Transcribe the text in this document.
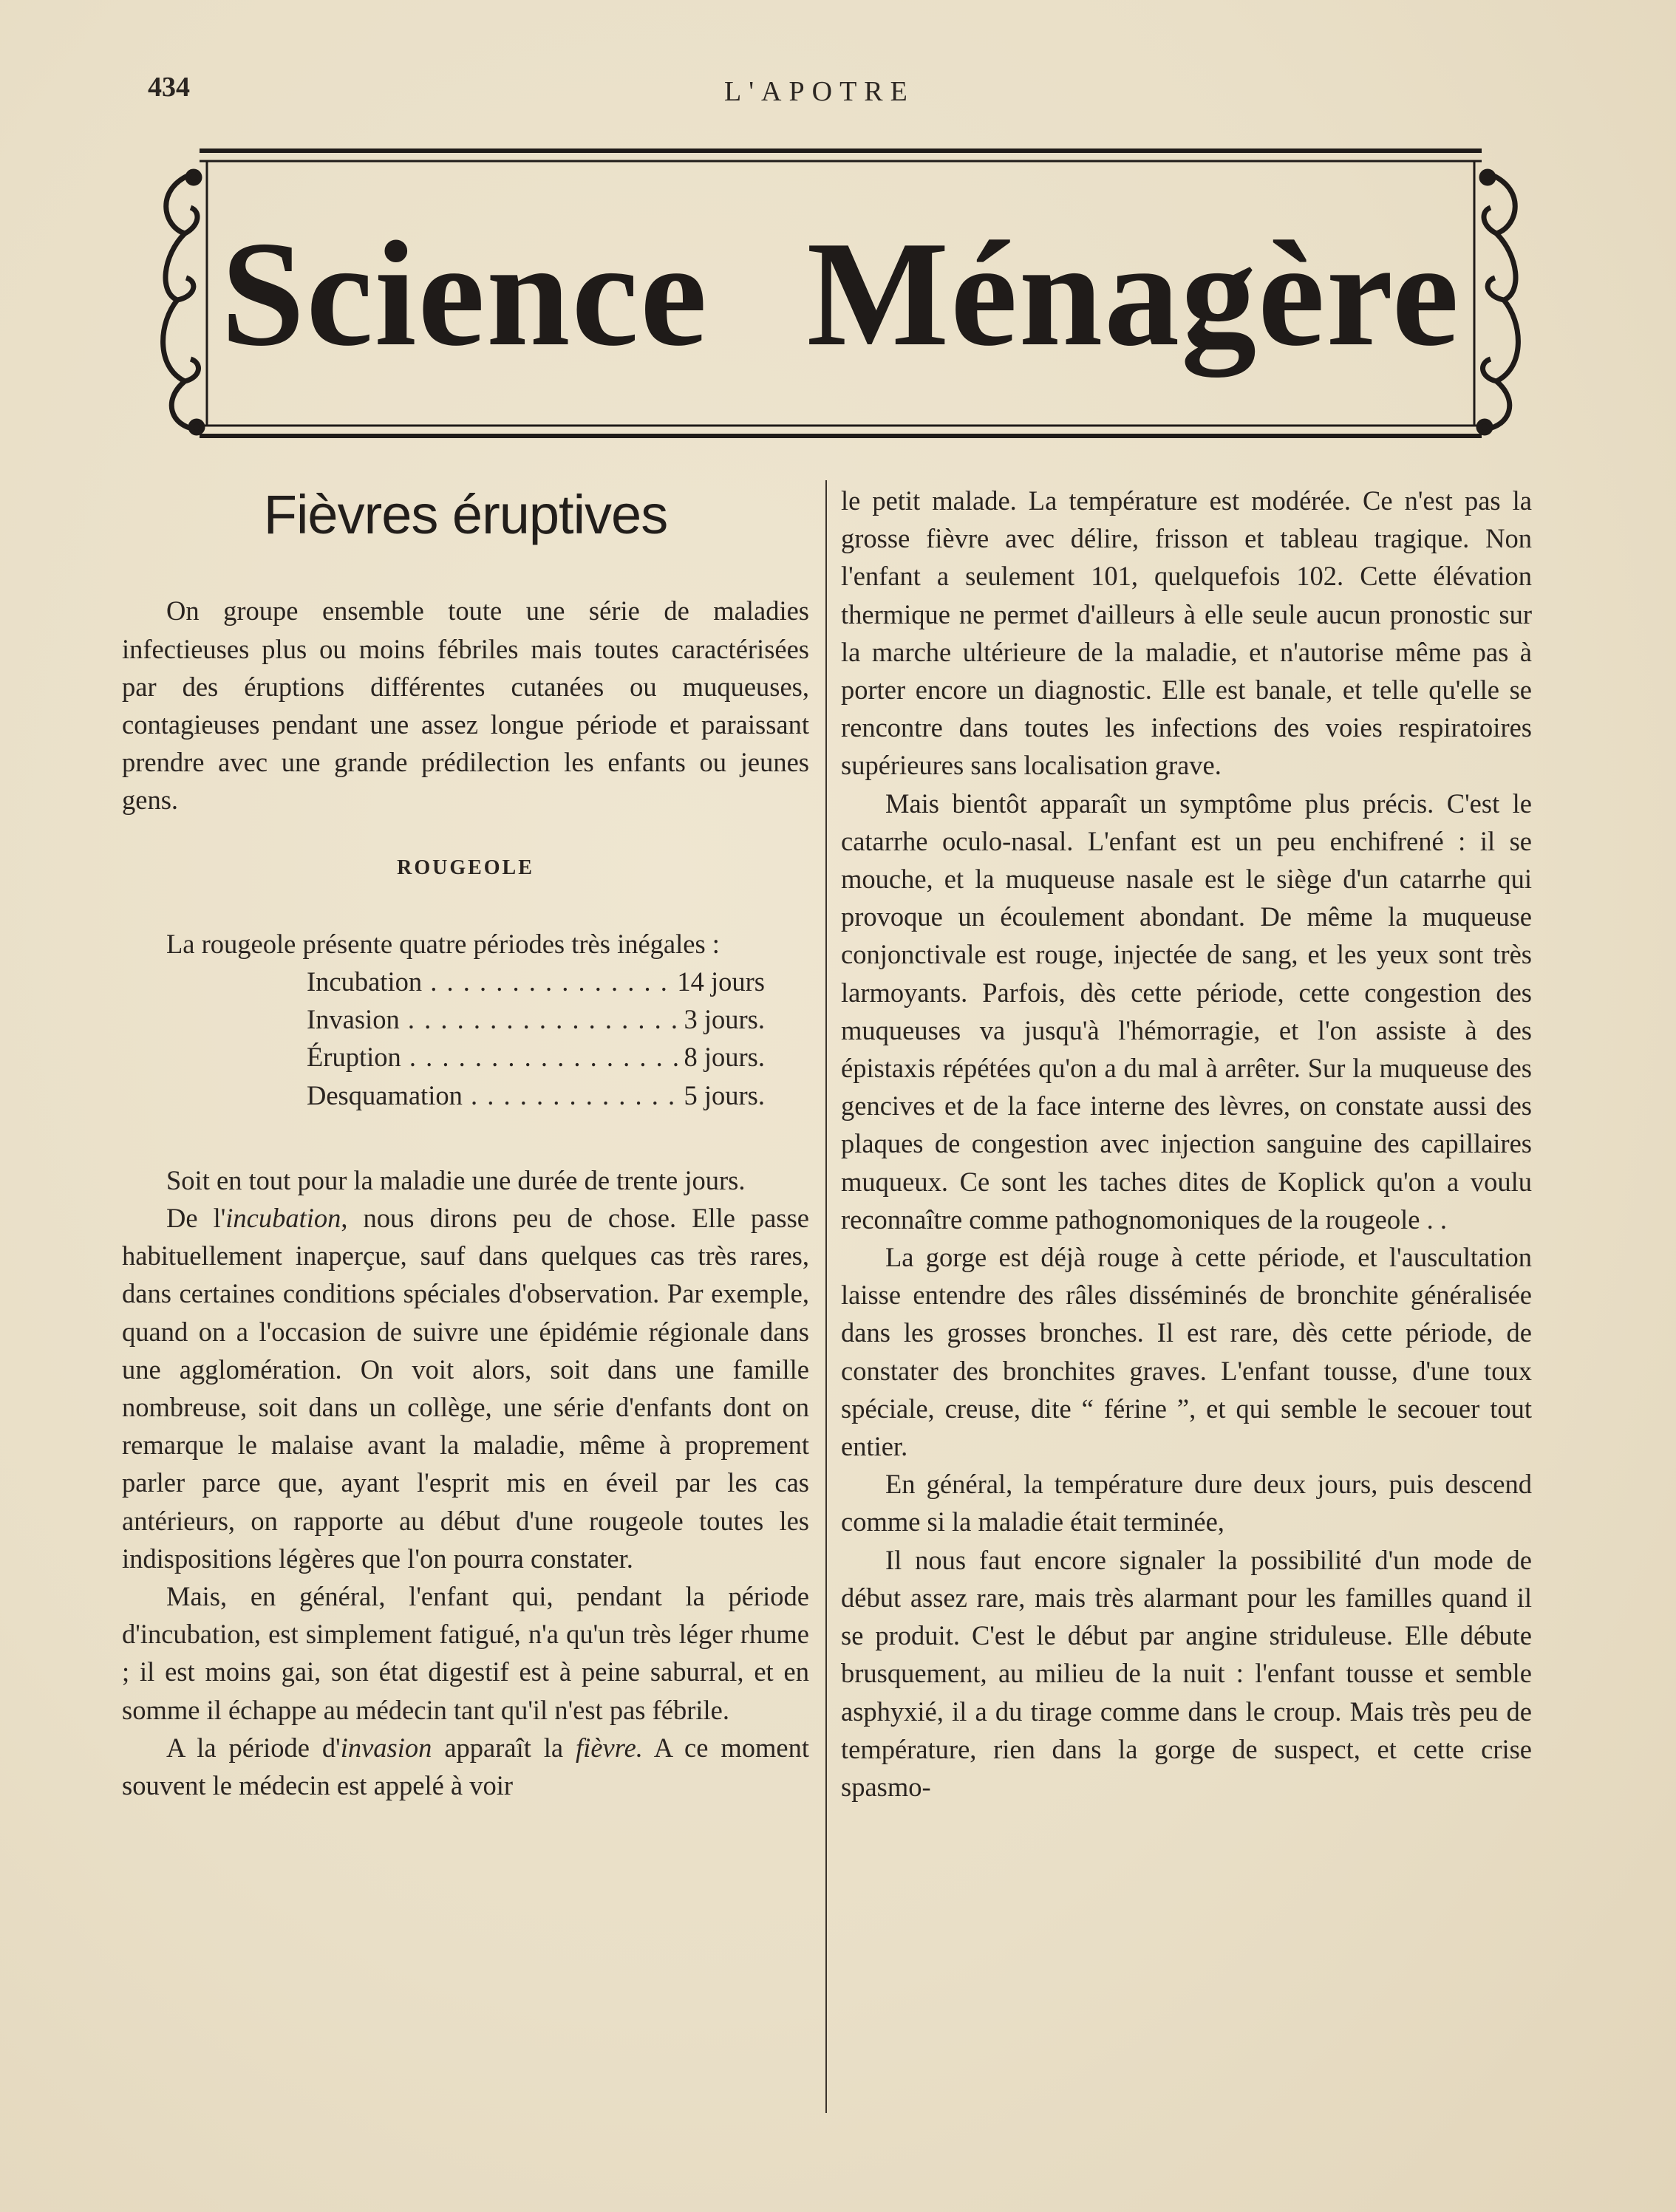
434	L'APOTRE
Science Ménagère
Fièvres éruptives

On groupe ensemble toute une série de maladies infectieuses plus ou moins fébriles mais toutes caractérisées par des éruptions différentes cutanées ou muqueuses, contagieuses pendant une assez longue période et paraissant prendre avec une grande prédilection les enfants ou jeunes gens.

ROUGEOLE

La rougeole présente quatre périodes très inégales :

Incubation . . .	14 jours
Invasion . . .	3 jours.
Éruption . . .	8 jours.
Desquamation . . .	5 jours.

Soit en tout pour la maladie une durée de trente jours.

De l'incubation, nous dirons peu de chose. Elle passe habituellement inaperçue, sauf dans quelques cas très rares, dans certaines conditions spéciales d'observation. Par exemple, quand on a l'occasion de suivre une épidémie régionale dans une agglomération. On voit alors, soit dans une famille nombreuse, soit dans un collège, une série d'enfants dont on remarque le malaise avant la maladie, même à proprement parler parce que, ayant l'esprit mis en éveil par les cas antérieurs, on rapporte au début d'une rougeole toutes les indispositions légères que l'on pourra constater.

Mais, en général, l'enfant qui, pendant la période d'incubation, est simplement fatigué, n'a qu'un très léger rhume ; il est moins gai, son état digestif est à peine saburral, et en somme il échappe au médecin tant qu'il n'est pas fébrile.

A la période d'invasion apparaît la fièvre. A ce moment souvent le médecin est appelé à voir

le petit malade. La température est modérée. Ce n'est pas la grosse fièvre avec délire, frisson et tableau tragique. Non l'enfant a seulement 101, quelquefois 102. Cette élévation thermique ne permet d'ailleurs à elle seule aucun pronostic sur la marche ultérieure de la maladie, et n'autorise même pas à porter encore un diagnostic. Elle est banale, et telle qu'elle se rencontre dans toutes les infections des voies respiratoires supérieures sans localisation grave.

Mais bientôt apparaît un symptôme plus précis. C'est le catarrhe oculo-nasal. L'enfant est un peu enchifrené : il se mouche, et la muqueuse nasale est le siège d'un catarrhe qui provoque un écoulement abondant. De même la muqueuse conjonctivale est rouge, injectée de sang, et les yeux sont très larmoyants. Parfois, dès cette période, cette congestion des muqueuses va jusqu'à l'hémorragie, et l'on assiste à des épistaxis répétées qu'on a du mal à arrêter. Sur la muqueuse des gencives et de la face interne des lèvres, on constate aussi des plaques de congestion avec injection sanguine des capillaires muqueux. Ce sont les taches dites de Koplick qu'on a voulu reconnaître comme pathognomoniques de la rougeole . .

La gorge est déjà rouge à cette période, et l'auscultation laisse entendre des râles disséminés de bronchite généralisée dans les grosses bronches. Il est rare, dès cette période, de constater des bronchites graves. L'enfant tousse, d'une toux spéciale, creuse, dite “ férine ”, et qui semble le secouer tout entier.

En général, la température dure deux jours, puis descend comme si la maladie était terminée,

Il nous faut encore signaler la possibilité d'un mode de début assez rare, mais très alarmant pour les familles quand il se produit. C'est le début par angine striduleuse. Elle débute brusquement, au milieu de la nuit : l'enfant tousse et semble asphyxié, il a du tirage comme dans le croup. Mais très peu de température, rien dans la gorge de suspect, et cette crise spasmo-
